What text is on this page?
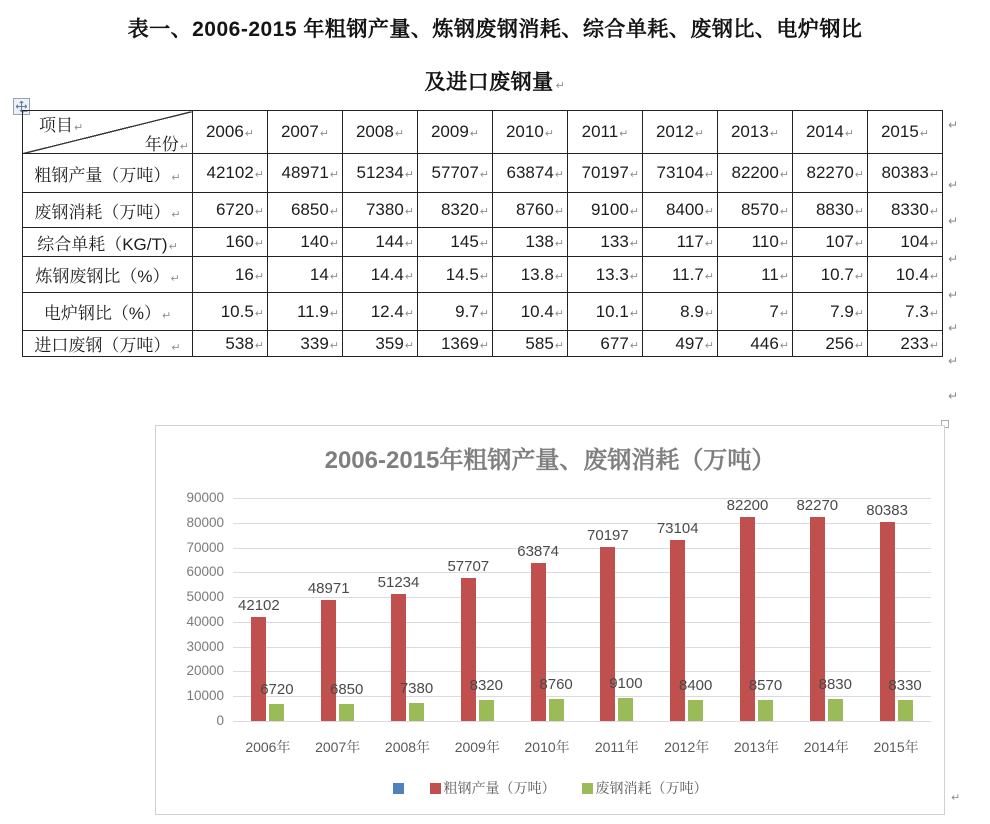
表一、2006-2015 年粗钢产量、炼钢废钢消耗、综合单耗、废钢比、电炉钢比
及进口废钢量 ↵
年份↵
项目↵	2006↵	2007↵	2008↵	2009↵	2010↵	2011↵	2012↵	2013↵	2014↵	2015↵
粗钢产量（万吨）↵	42102↵	48971↵	51234↵	57707↵	63874↵	70197↵	73104↵	82200↵	82270↵	80383↵
废钢消耗（万吨）↵	6720↵	6850↵	7380↵	8320↵	8760↵	9100↵	8400↵	8570↵	8830↵	8330↵
综合单耗（KG/T)↵	160↵	140↵	144↵	145↵	138↵	133↵	117↵	110↵	107↵	104↵
炼钢废钢比（%）↵	16↵	14↵	14.4↵	14.5↵	13.8↵	13.3↵	11.7↵	11↵	10.7↵	10.4↵
电炉钢比（%）↵	10.5↵	11.9↵	12.4↵	9.7↵	10.4↵	10.1↵	8.9↵	7↵	7.9↵	7.3↵
进口废钢（万吨）↵	538↵	339↵	359↵	1369↵	585↵	677↵	497↵	446↵	256↵	233↵
↵
↵
↵
↵
↵
↵
↵
↵
2006-2015年粗钢产量、废钢消耗（万吨）
90000
80000
70000
60000
50000
40000
30000
20000
10000
0
42102
6720
48971
6850
51234
7380
57707
8320
63874
8760
70197
9100
73104
8400
82200
8570
82270
8830
80383
8330
2006年	2007年	2008年	2009年	2010年	2011年	2012年	2013年	2014年	2015年
粗钢产量（万吨）	废钢消耗（万吨）
↵
